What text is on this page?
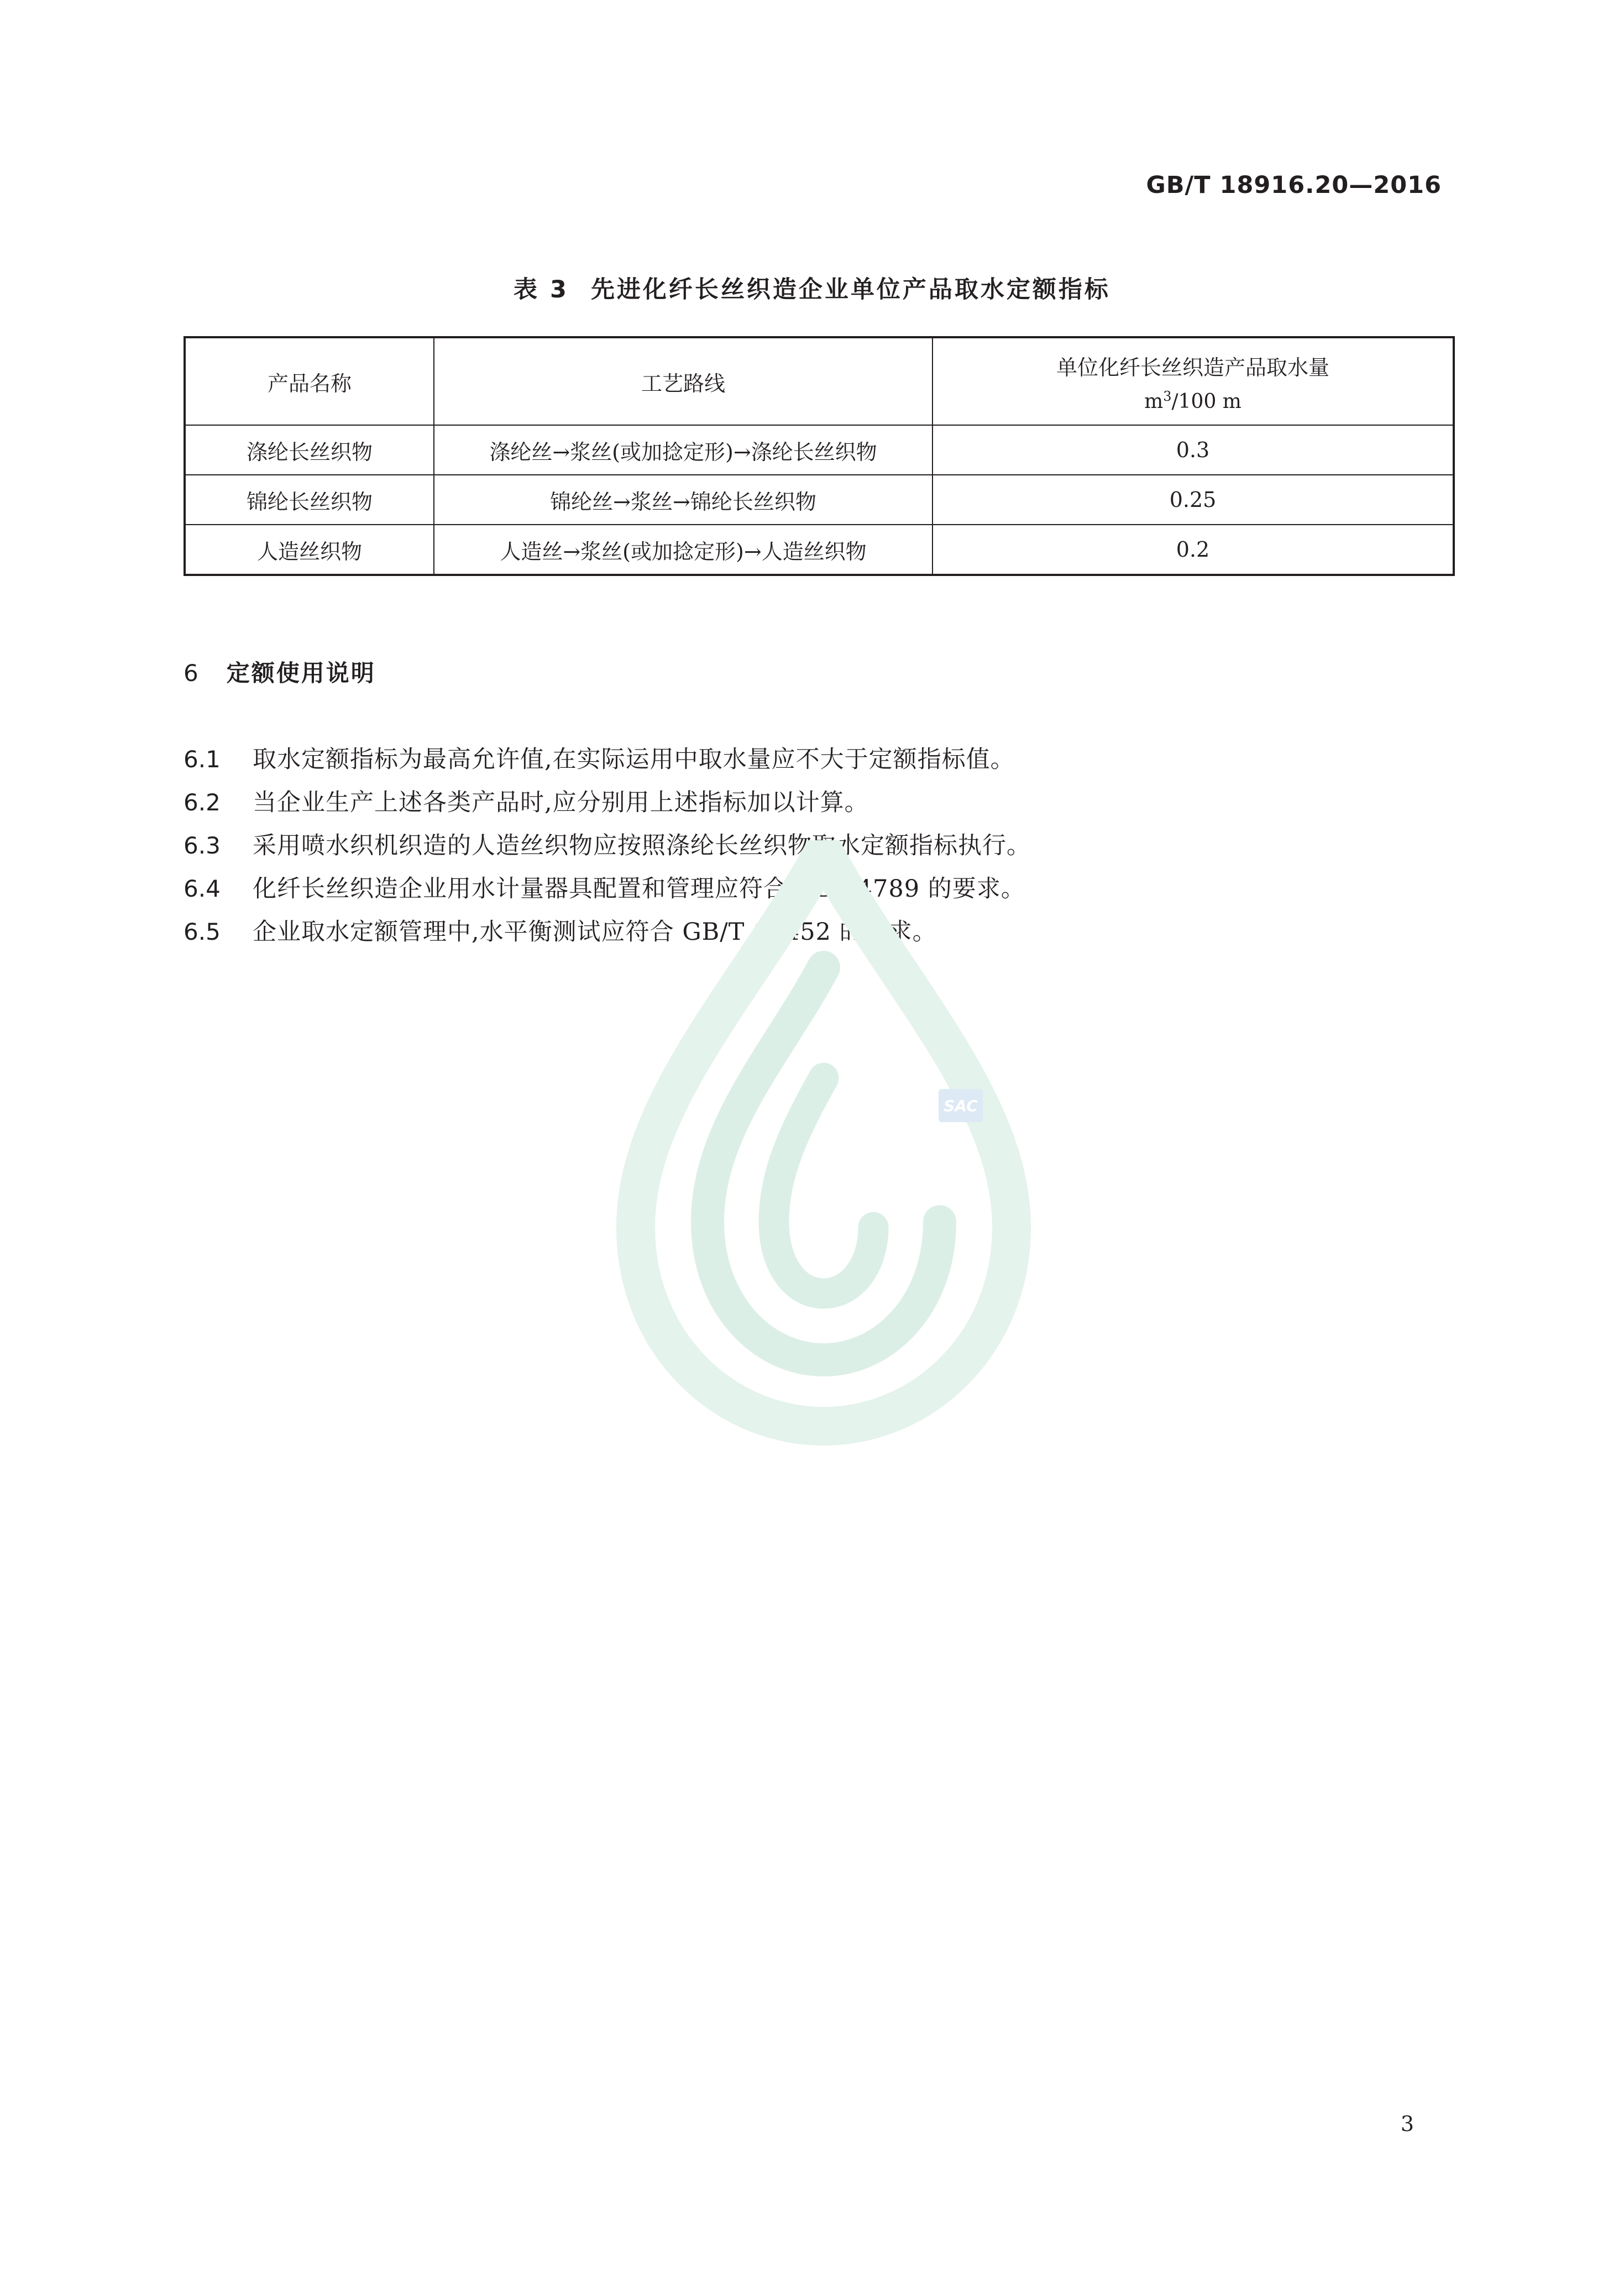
GB/T 18916.20—2016
表 3 先进化纤长丝织造企业单位产品取水定额指标
产品名称	工艺路线	单位化纤长丝织造产品取水量
$m^3/100$ m

涤纶长丝织物	涤纶丝→浆丝(或加捻定形)→涤纶长丝织物	0.3
锦纶长丝织物	锦纶丝→浆丝→锦纶长丝织物	0.25
人造丝织物	人造丝→浆丝(或加捻定形)→人造丝织物	0.2
6 定额使用说明
6.1 取水定额指标为最高允许值,在实际运用中取水量应不大于定额指标值。
6.2 当企业生产上述各类产品时,应分别用上述指标加以计算。
6.3 采用喷水织机织造的人造丝织物应按照涤纶长丝织物取水定额指标执行。
6.4 化纤长丝织造企业用水计量器具配置和管理应符合 GB 24789 的要求。
6.5 企业取水定额管理中,水平衡测试应符合 GB/T 12452 的要求。
SAC
3
